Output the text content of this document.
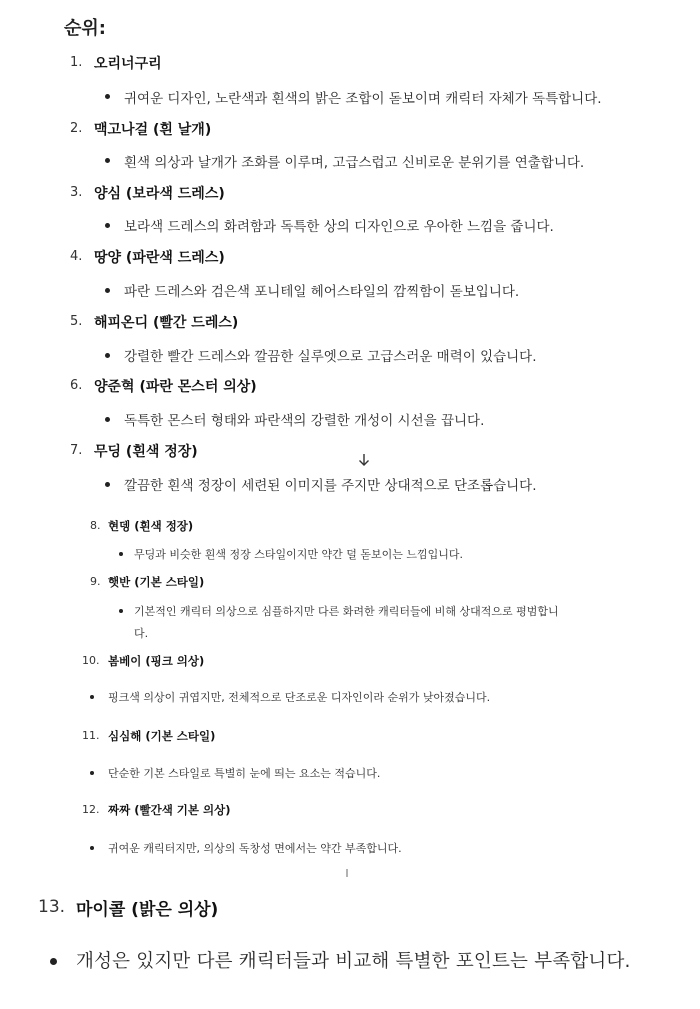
순위:
1. 오리너구리
귀여운 디자인, 노란색과 흰색의 밝은 조합이 돋보이며 캐릭터 자체가 독특합니다.
2. 맥고나걸 (흰 날개)
흰색 의상과 날개가 조화를 이루며, 고급스럽고 신비로운 분위기를 연출합니다.
3. 양심 (보라색 드레스)
보라색 드레스의 화려함과 독특한 상의 디자인으로 우아한 느낌을 줍니다.
4. 땅양 (파란색 드레스)
파란 드레스와 검은색 포니테일 헤어스타일의 깜찍함이 돋보입니다.
5. 해피온디 (빨간 드레스)
강렬한 빨간 드레스와 깔끔한 실루엣으로 고급스러운 매력이 있습니다.
6. 양준혁 (파란 몬스터 의상)
독특한 몬스터 형태와 파란색의 강렬한 개성이 시선을 끕니다.
7. 무딩 (흰색 정장)
깔끔한 흰색 정장이 세련된 이미지를 주지만 상대적으로 단조롭습니다.
8. 현뎅 (흰색 정장)
무딩과 비슷한 흰색 정장 스타일이지만 약간 덜 돋보이는 느낌입니다.
9. 햇반 (기본 스타일)
기본적인 캐릭터 의상으로 심플하지만 다른 화려한 캐릭터들에 비해 상대적으로 평범합니
다.
10. 봄베이 (핑크 의상)
핑크색 의상이 귀엽지만, 전체적으로 단조로운 디자인이라 순위가 낮아졌습니다.
11. 심심해 (기본 스타일)
단순한 기본 스타일로 특별히 눈에 띄는 요소는 적습니다.
12. 짜짜 (빨간색 기본 의상)
귀여운 캐릭터지만, 의상의 독창성 면에서는 약간 부족합니다.
13. 마이콜 (밝은 의상)
개성은 있지만 다른 캐릭터들과 비교해 특별한 포인트는 부족합니다.
